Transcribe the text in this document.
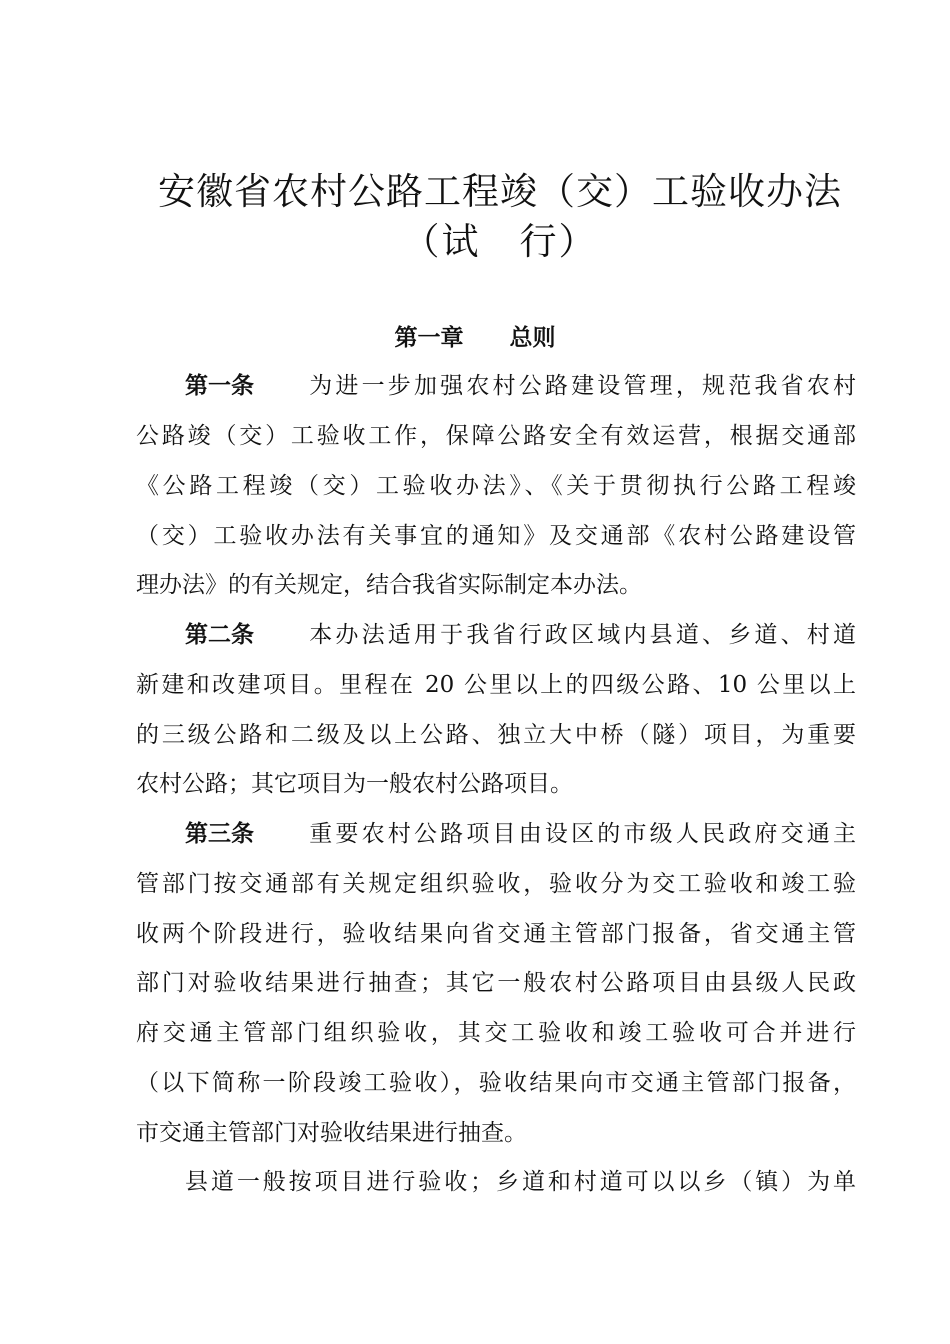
安徽省农村公路工程竣（交）工验收办法
（试　行）
第一章　　总则
第一条 为进一步加强农村公路建设管理，规范我省农村
公路竣（交）工验收工作，保障公路安全有效运营，根据交通部
《公路工程竣（交）工验收办法》、《关于贯彻执行公路工程竣
（交）工验收办法有关事宜的通知》及交通部《农村公路建设管
理办法》的有关规定，结合我省实际制定本办法。
第二条 本办法适用于我省行政区域内县道、乡道、村道
新建和改建项目。里程在 20 公里以上的四级公路、10 公里以上
的三级公路和二级及以上公路、独立大中桥（隧）项目，为重要
农村公路；其它项目为一般农村公路项目。
第三条 重要农村公路项目由设区的市级人民政府交通主
管部门按交通部有关规定组织验收，验收分为交工验收和竣工验
收两个阶段进行，验收结果向省交通主管部门报备，省交通主管
部门对验收结果进行抽查；其它一般农村公路项目由县级人民政
府交通主管部门组织验收，其交工验收和竣工验收可合并进行
（以下简称一阶段竣工验收），验收结果向市交通主管部门报备，
市交通主管部门对验收结果进行抽查。
县道一般按项目进行验收；乡道和村道可以以乡（镇）为单
